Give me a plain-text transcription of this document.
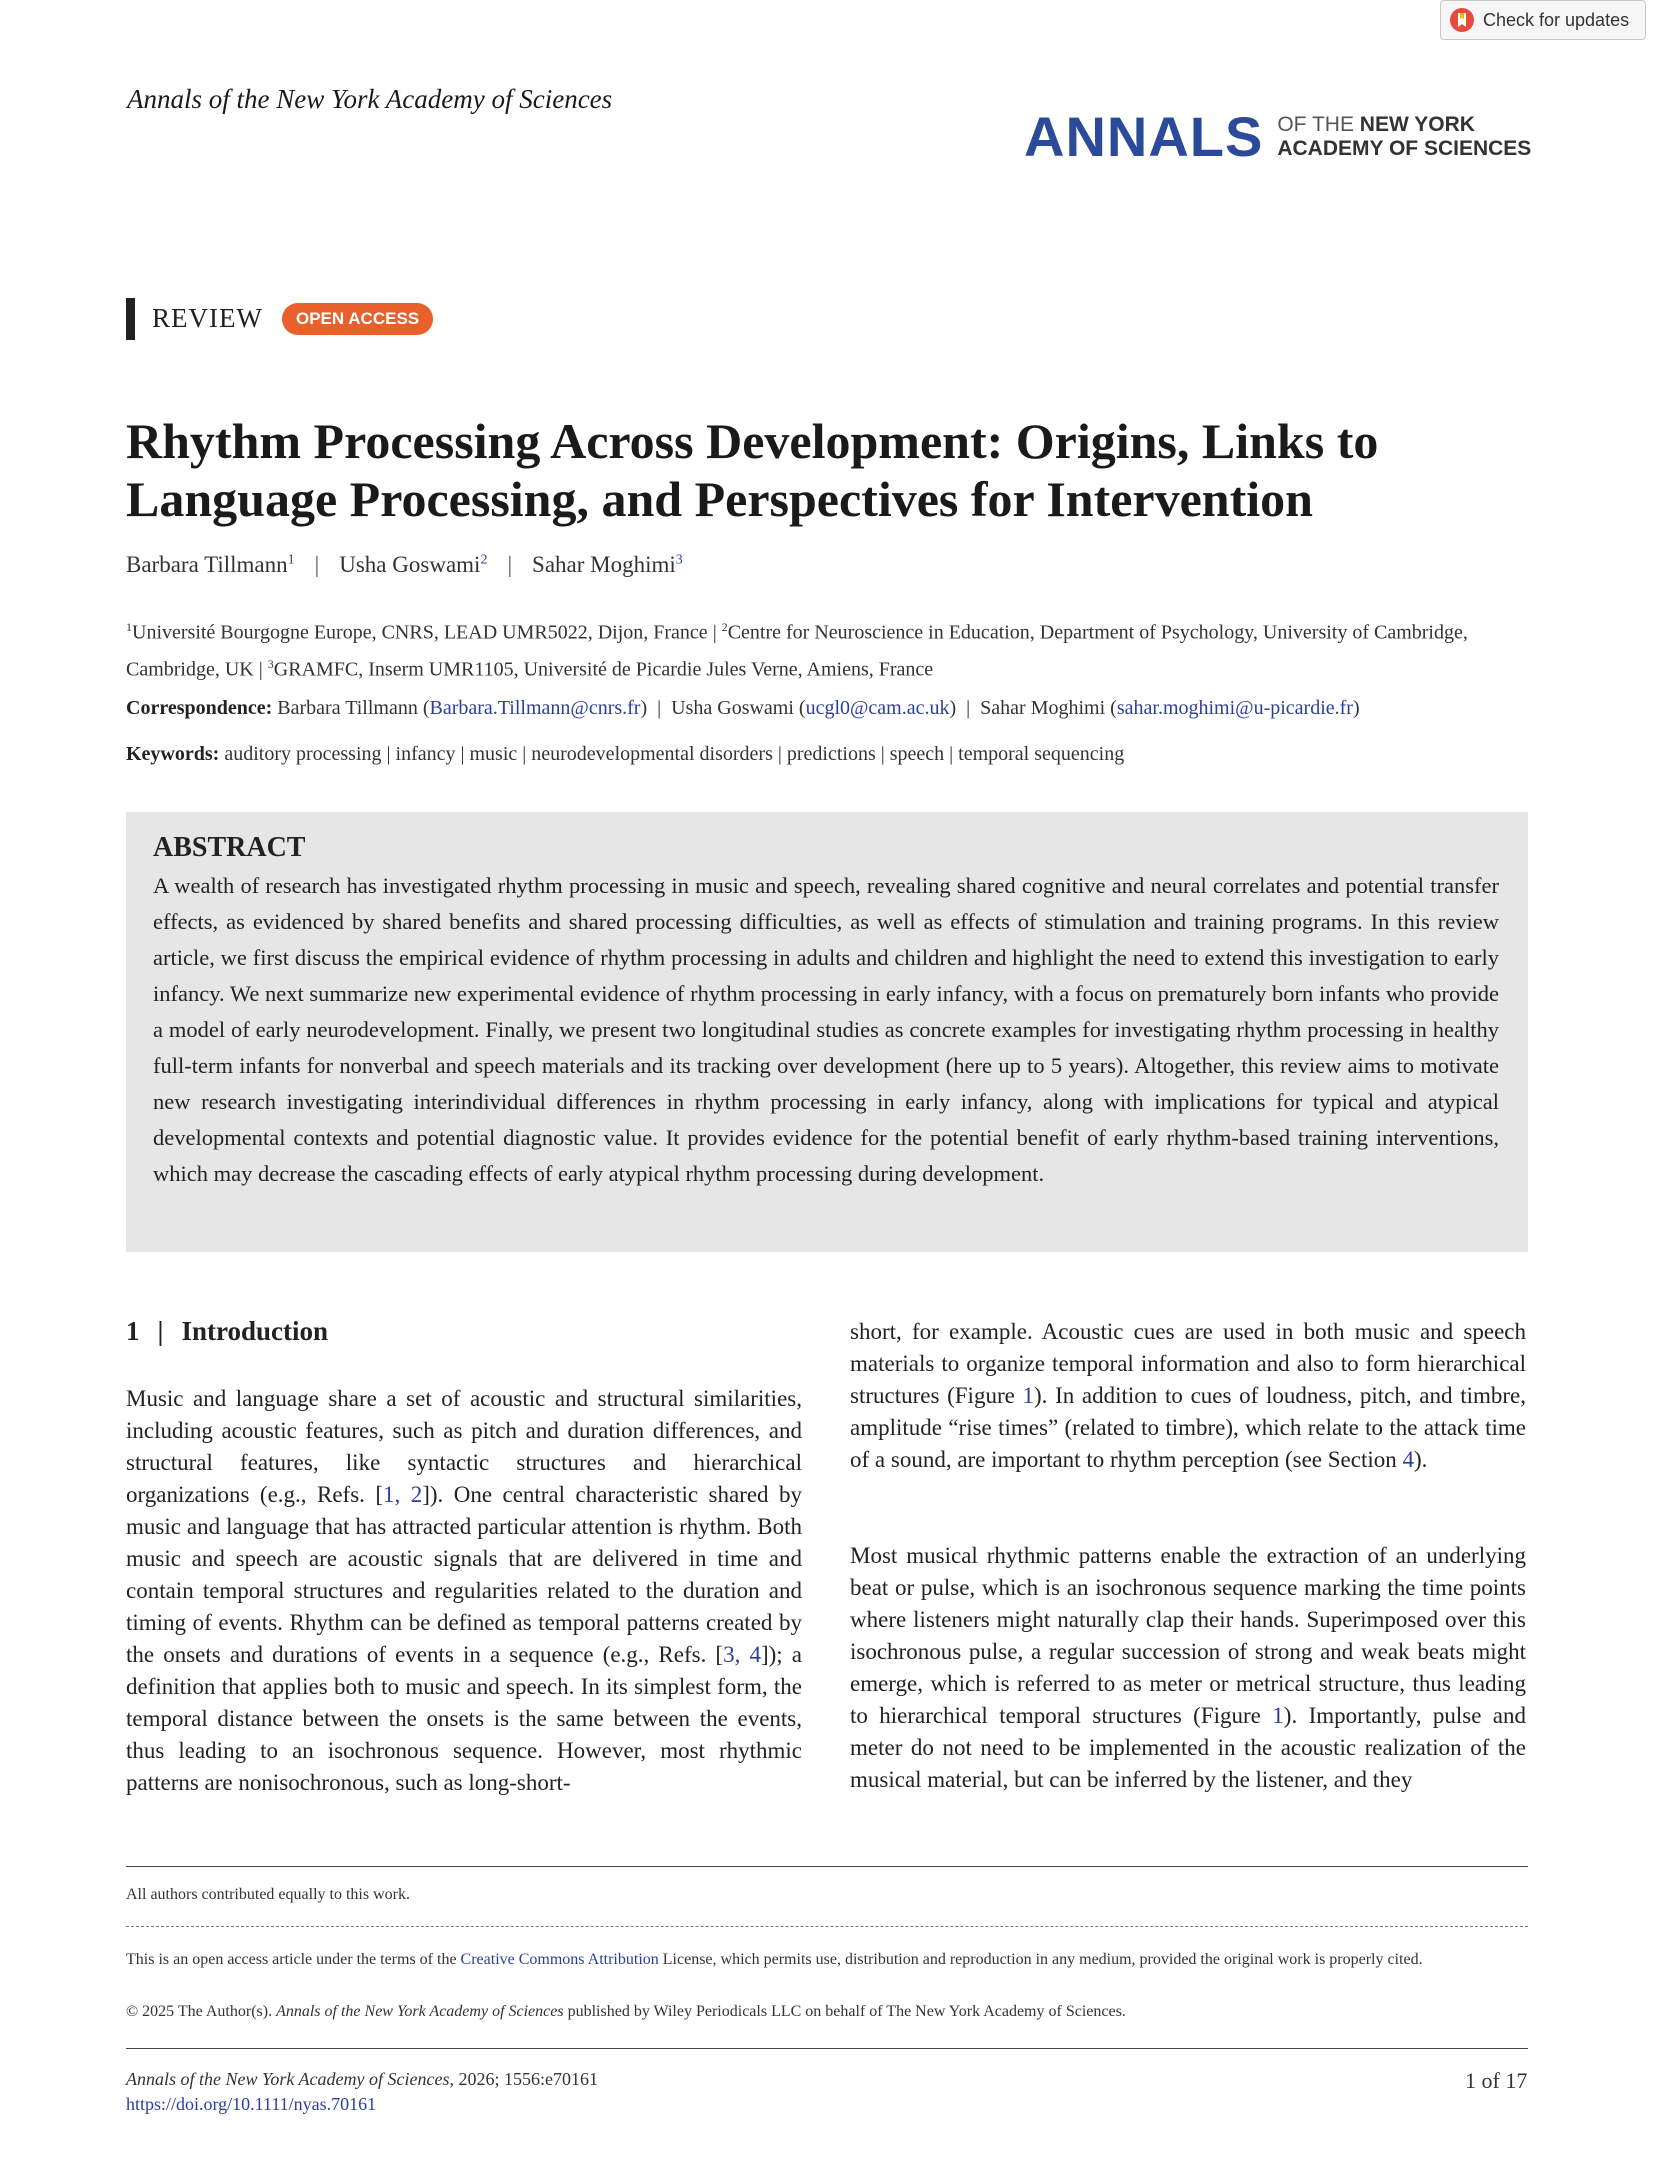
Check for updates
Annals of the New York Academy of Sciences
ANNALS OF THE NEW YORK
ACADEMY OF SCIENCES
REVIEW	OPEN ACCESS
Rhythm Processing Across Development: Origins, Links to Language Processing, and Perspectives for Intervention
Barbara Tillmann$^1$ | Usha Goswami$^2$ | Sahar Moghimi$^3$
$^1$Université Bourgogne Europe, CNRS, LEAD UMR5022, Dijon, France | $^2$Centre for Neuroscience in Education, Department of Psychology, University of Cambridge, Cambridge, UK | $^3$GRAMFC, Inserm UMR1105, Université de Picardie Jules Verne, Amiens, France
Correspondence: Barbara Tillmann (Barbara.Tillmann@cnrs.fr)  |  Usha Goswami (ucgl0@cam.ac.uk)  |  Sahar Moghimi (sahar.moghimi@u-picardie.fr)
Keywords: auditory processing | infancy | music | neurodevelopmental disorders | predictions | speech | temporal sequencing
ABSTRACT

A wealth of research has investigated rhythm processing in music and speech, revealing shared cognitive and neural correlates and potential transfer effects, as evidenced by shared benefits and shared processing difficulties, as well as effects of stimulation and training programs. In this review article, we first discuss the empirical evidence of rhythm processing in adults and children and highlight the need to extend this investigation to early infancy. We next summarize new experimental evidence of rhythm processing in early infancy, with a focus on prematurely born infants who provide a model of early neurodevelopment. Finally, we present two longitudinal studies as concrete examples for investigating rhythm processing in healthy full-term infants for nonverbal and speech materials and its tracking over development (here up to 5 years). Altogether, this review aims to motivate new research investigating interindividual differences in rhythm processing in early infancy, along with implications for typical and atypical developmental contexts and potential diagnostic value. It provides evidence for the potential benefit of early rhythm-based training interventions, which may decrease the cascading effects of early atypical rhythm processing during development.

1 | Introduction

Music and language share a set of acoustic and structural similarities, including acoustic features, such as pitch and duration differences, and structural features, like syntactic structures and hierarchical organizations (e.g., Refs. [1, 2]). One central characteristic shared by music and language that has attracted particular attention is rhythm. Both music and speech are acoustic signals that are delivered in time and contain temporal structures and regularities related to the duration and timing of events. Rhythm can be defined as temporal patterns created by the onsets and durations of events in a sequence (e.g., Refs. [3, 4]); a definition that applies both to music and speech. In its simplest form, the temporal distance between the onsets is the same between the events, thus leading to an isochronous sequence. However, most rhythmic patterns are nonisochronous, such as long-short-

short, for example. Acoustic cues are used in both music and speech materials to organize temporal information and also to form hierarchical structures (Figure 1). In addition to cues of loudness, pitch, and timbre, amplitude “rise times” (related to timbre), which relate to the attack time of a sound, are important to rhythm perception (see Section 4).

Most musical rhythmic patterns enable the extraction of an underlying beat or pulse, which is an isochronous sequence marking the time points where listeners might naturally clap their hands. Superimposed over this isochronous pulse, a regular succession of strong and weak beats might emerge, which is referred to as meter or metrical structure, thus leading to hierarchical temporal structures (Figure 1). Importantly, pulse and meter do not need to be implemented in the acoustic realization of the musical material, but can be inferred by the listener, and they

All authors contributed equally to this work.
This is an open access article under the terms of the Creative Commons Attribution License, which permits use, distribution and reproduction in any medium, provided the original work is properly cited.
© 2025 The Author(s). Annals of the New York Academy of Sciences published by Wiley Periodicals LLC on behalf of The New York Academy of Sciences.
Annals of the New York Academy of Sciences, 2026; 1556:e70161
https://doi.org/10.1111/nyas.70161
1 of 17
